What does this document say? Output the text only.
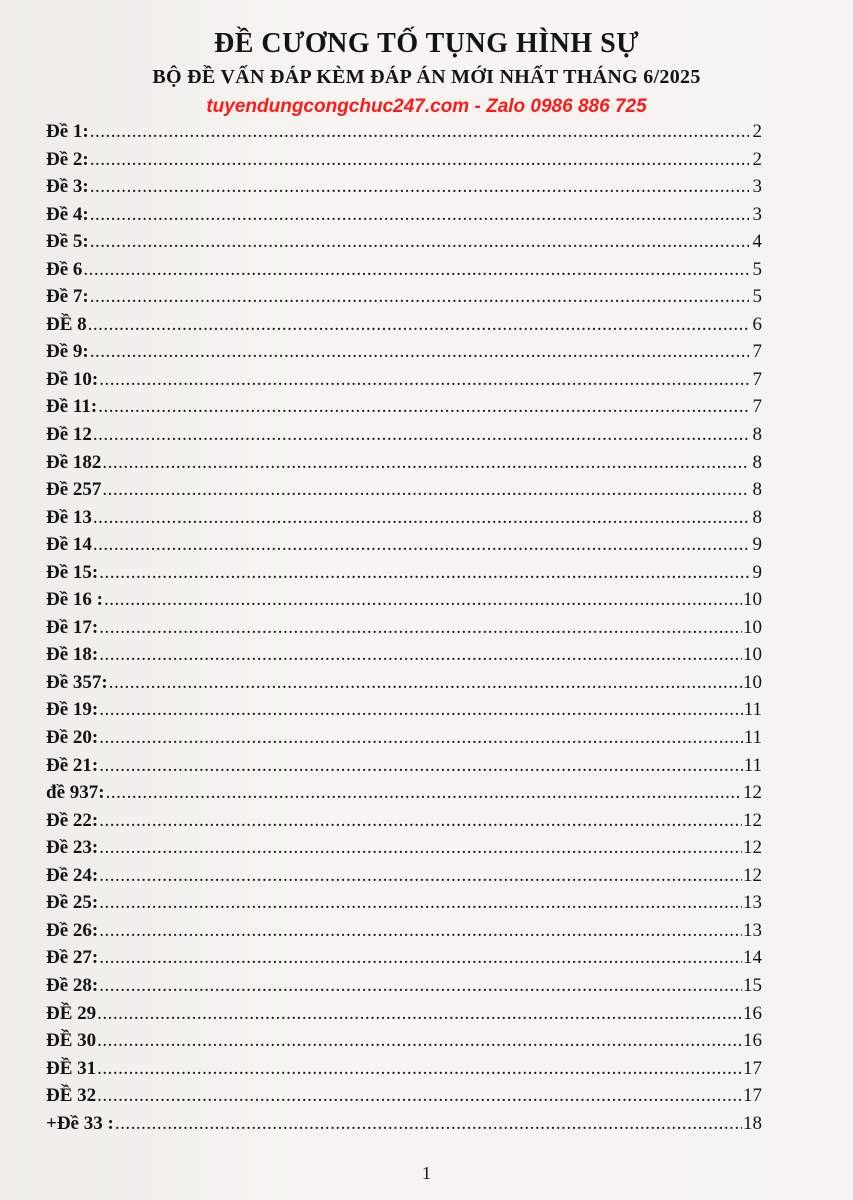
ĐỀ CƯƠNG TỐ TỤNG HÌNH SỰ
BỘ ĐỀ VẤN ĐÁP KÈM ĐÁP ÁN MỚI NHẤT THÁNG 6/2025
tuyendungcongchuc247.com - Zalo 0986 886 725
Đề 1: .....	2
Đề 2: .....	2
Đề 3: .....	3
Đề 4: .....	3
Đề 5: .....	4
Đề 6 .....	5
Đề 7: .....	5
ĐỀ 8 .....	6
Đề 9: .....	7
Đề 10: .....	7
Đề 11: .....	7
Đề 12 .....	8
Đề 182 .....	8
Đề 257 .....	8
Đề 13 .....	8
Đề 14 .....	9
Đề 15: .....	9
Đề 16 : .....	10
Đề 17: .....	10
Đề 18: .....	10
Đề 357: .....	10
Đề 19: .....	11
Đề 20: .....	11
Đề 21: .....	11
đề 937: .....	12
Đề 22: .....	12
Đề 23: .....	12
Đề 24: .....	12
Đề 25: .....	13
Đề 26: .....	13
Đề 27: .....	14
Đề 28: .....	15
ĐỀ 29 .....	16
ĐỀ 30 .....	16
ĐỀ 31 .....	17
ĐỀ 32 .....	17
+Đề 33 : .....	18
1
